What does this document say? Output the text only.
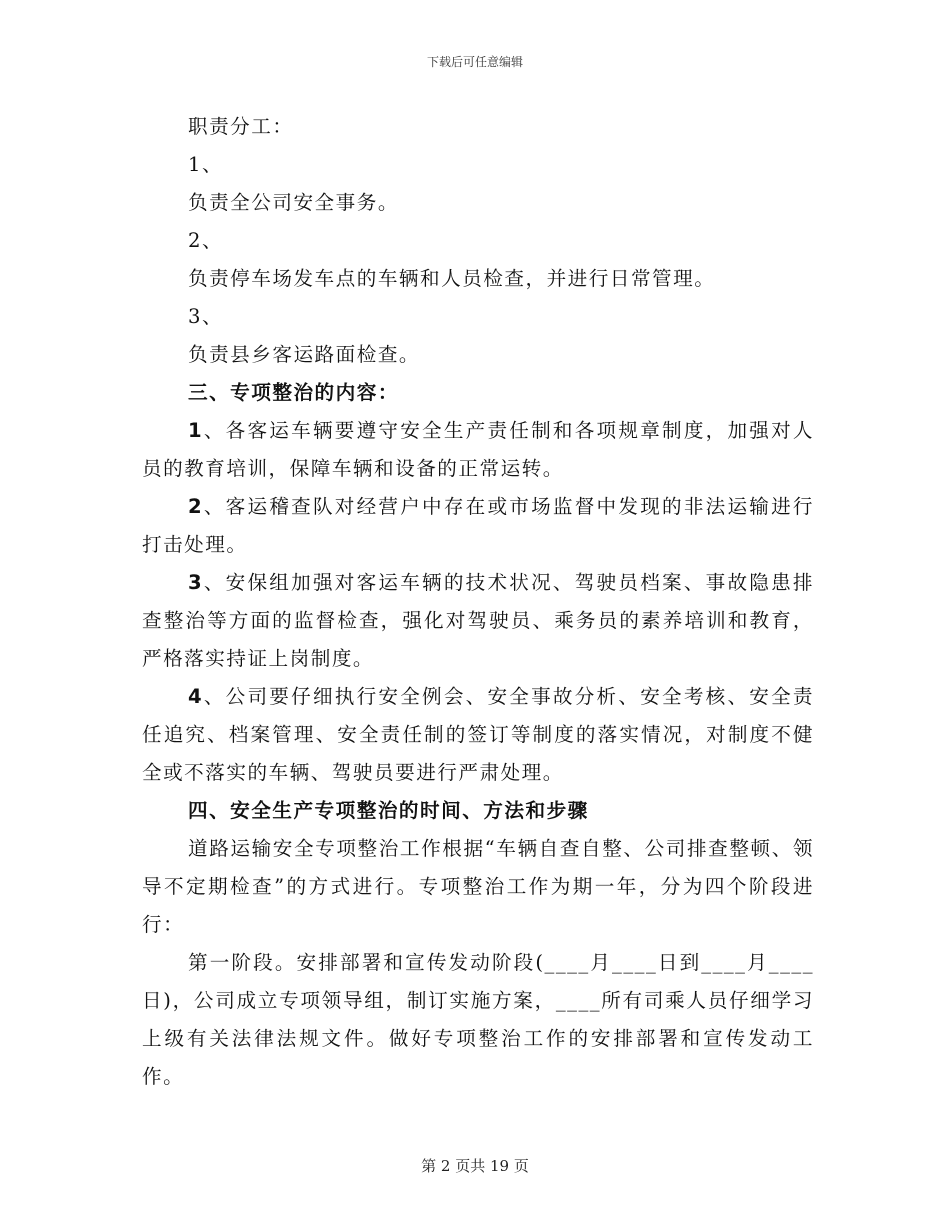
下载后可任意编辑

职责分工：

1、

负责全公司安全事务。

2、

负责停车场发车点的车辆和人员检查，并进行日常管理。

3、

负责县乡客运路面检查。

三、专项整治的内容：

1、各客运车辆要遵守安全生产责任制和各项规章制度，加强对人员的教育培训，保障车辆和设备的正常运转。

2、客运稽查队对经营户中存在或市场监督中发现的非法运输进行打击处理。

3、安保组加强对客运车辆的技术状况、驾驶员档案、事故隐患排查整治等方面的监督检查，强化对驾驶员、乘务员的素养培训和教育，严格落实持证上岗制度。

4、公司要仔细执行安全例会、安全事故分析、安全考核、安全责任追究、档案管理、安全责任制的签订等制度的落实情况，对制度不健全或不落实的车辆、驾驶员要进行严肃处理。

四、安全生产专项整治的时间、方法和步骤

道路运输安全专项整治工作根据“车辆自查自整、公司排查整顿、领导不定期检查”的方式进行。专项整治工作为期一年，分为四个阶段进行：

第一阶段。安排部署和宣传发动阶段(____月____日到____月____日)，公司成立专项领导组，制订实施方案，____所有司乘人员仔细学习上级有关法律法规文件。做好专项整治工作的安排部署和宣传发动工作。

第 2 页共 19 页
